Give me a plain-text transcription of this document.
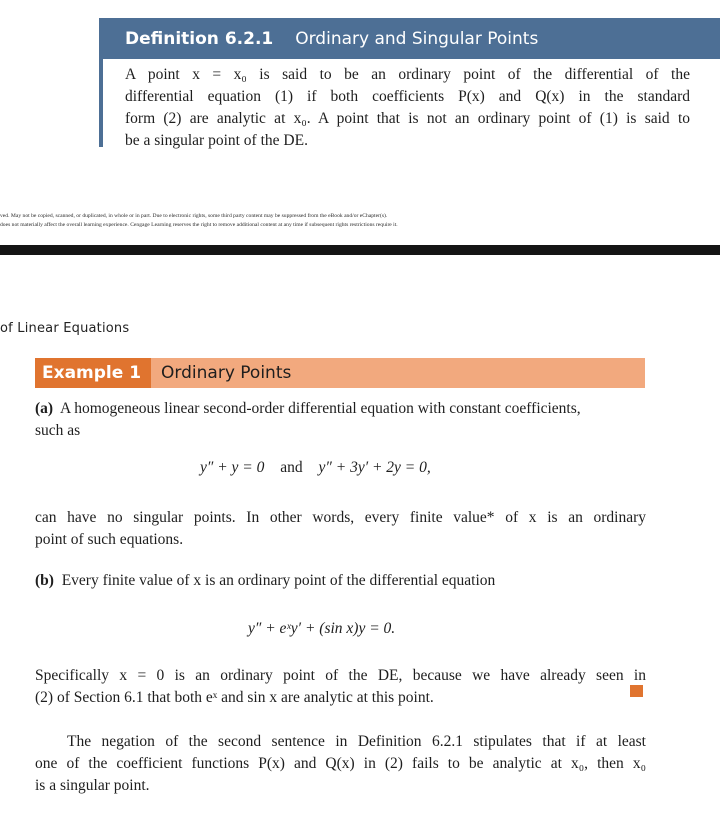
Definition 6.2.1 Ordinary and Singular Points
A point x = x₀ is said to be an ordinary point of the differential of the
differential equation (1) if both coefficients P(x) and Q(x) in the standard
form (2) are analytic at x₀. A point that is not an ordinary point of (1) is said to
be a singular point of the DE.
ved. May not be copied, scanned, or duplicated, in whole or in part. Due to electronic rights, some third party content may be suppressed from the eBook and/or eChapter(s).
does not materially affect the overall learning experience. Cengage Learning reserves the right to remove additional content at any time if subsequent rights restrictions require it.
of Linear Equations
Example 1	Ordinary Points
(a) A homogeneous linear second-order differential equation with constant coefficients,
such as
y″ + y = 0 and y″ + 3y′ + 2y = 0,
can have no singular points. In other words, every finite value* of x is an ordinary
point of such equations.
(b) Every finite value of x is an ordinary point of the differential equation
y″ + eˣy′ + (sin x)y = 0.
Specifically x = 0 is an ordinary point of the DE, because we have already seen in
(2) of Section 6.1 that both eˣ and sin x are analytic at this point.
The negation of the second sentence in Definition 6.2.1 stipulates that if at least
one of the coefficient functions P(x) and Q(x) in (2) fails to be analytic at x₀, then x₀
is a singular point.
